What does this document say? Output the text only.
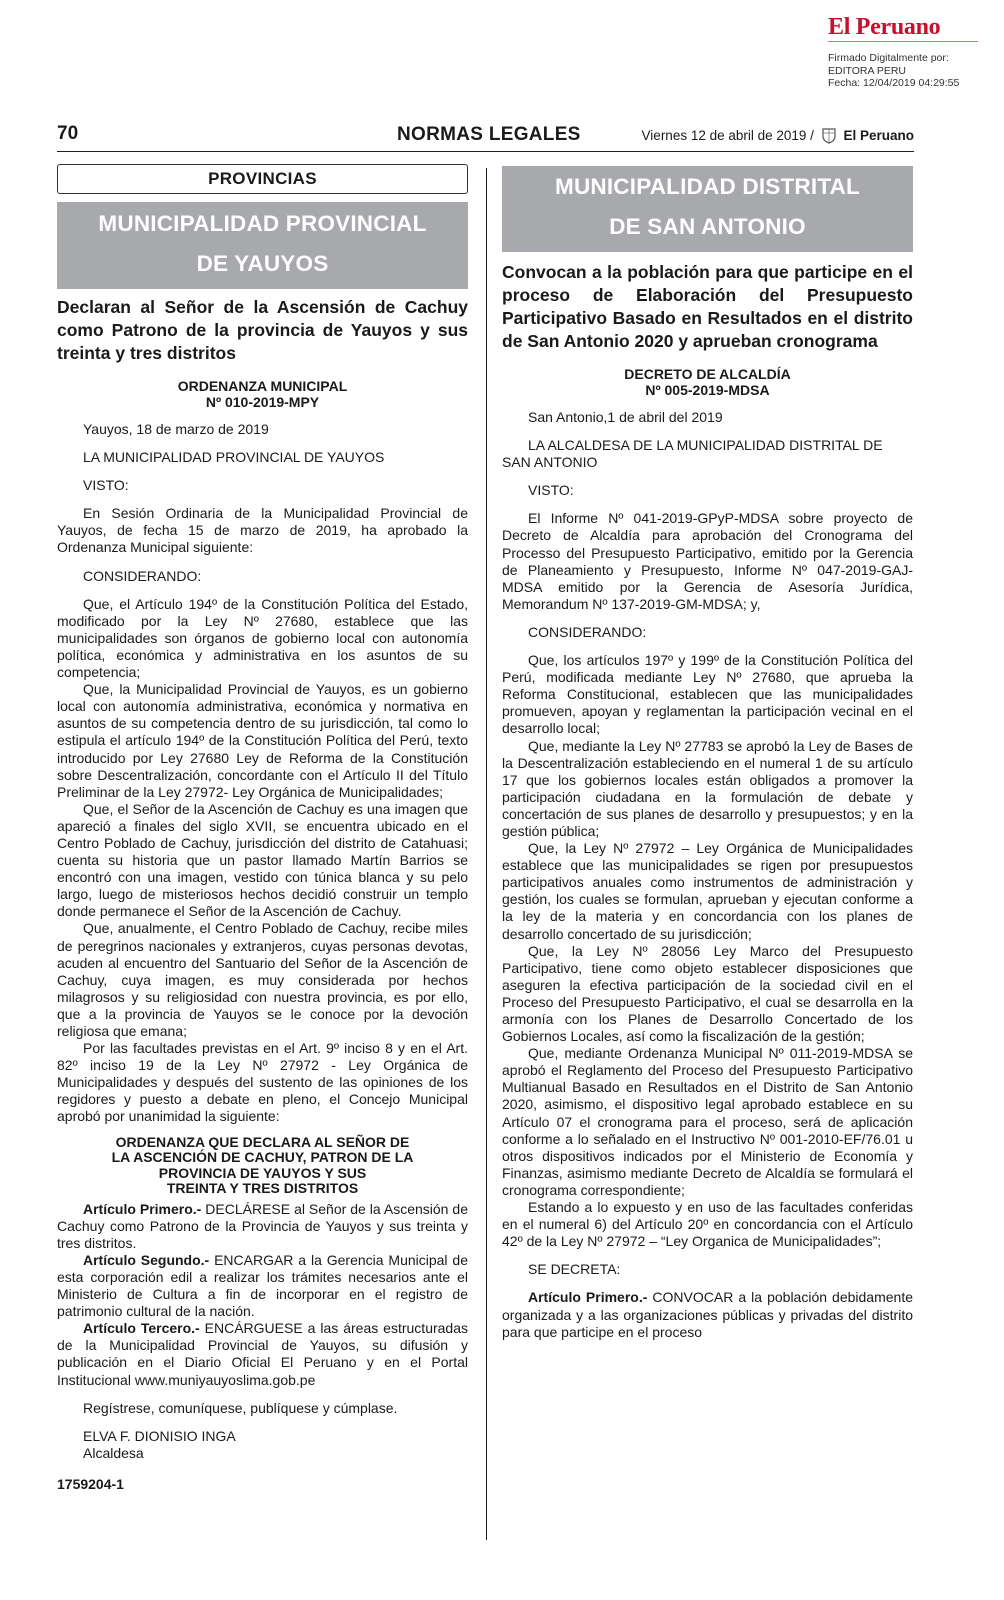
El Peruano
Firmado Digitalmente por:
EDITORA PERU
Fecha: 12/04/2019 04:29:55
70	NORMAS LEGALES	Viernes 12 de abril de 2019 / El Peruano
PROVINCIAS
MUNICIPALIDAD PROVINCIAL
DE YAUYOS
Declaran al Señor de la Ascensión de Cachuy como Patrono de la provincia de Yauyos y sus treinta y tres distritos
ORDENANZA MUNICIPAL
Nº 010-2019-MPY

Yauyos, 18 de marzo de 2019

LA MUNICIPALIDAD PROVINCIAL DE YAUYOS

VISTO:

En Sesión Ordinaria de la Municipalidad Provincial de Yauyos, de fecha 15 de marzo de 2019, ha aprobado la Ordenanza Municipal siguiente:

CONSIDERANDO:

Que, el Artículo 194º de la Constitución Política del Estado, modificado por la Ley Nº 27680, establece que las municipalidades son órganos de gobierno local con autonomía política, económica y administrativa en los asuntos de su competencia;

Que, la Municipalidad Provincial de Yauyos, es un gobierno local con autonomía administrativa, económica y normativa en asuntos de su competencia dentro de su jurisdicción, tal como lo estipula el artículo 194º de la Constitución Política del Perú, texto introducido por Ley 27680 Ley de Reforma de la Constitución sobre Descentralización, concordante con el Artículo II del Título Preliminar de la Ley 27972- Ley Orgánica de Municipalidades;

Que, el Señor de la Ascención de Cachuy es una imagen que apareció a finales del siglo XVII, se encuentra ubicado en el Centro Poblado de Cachuy, jurisdicción del distrito de Catahuasi; cuenta su historia que un pastor llamado Martín Barrios se encontró con una imagen, vestido con túnica blanca y su pelo largo, luego de misteriosos hechos decidió construir un templo donde permanece el Señor de la Ascención de Cachuy.

Que, anualmente, el Centro Poblado de Cachuy, recibe miles de peregrinos nacionales y extranjeros, cuyas personas devotas, acuden al encuentro del Santuario del Señor de la Ascención de Cachuy, cuya imagen, es muy considerada por hechos milagrosos y su religiosidad con nuestra provincia, es por ello, que a la provincia de Yauyos se le conoce por la devoción religiosa que emana;

Por las facultades previstas en el Art. 9º inciso 8 y en el Art. 82º inciso 19 de la Ley Nº 27972 - Ley Orgánica de Municipalidades y después del sustento de las opiniones de los regidores y puesto a debate en pleno, el Concejo Municipal aprobó por unanimidad la siguiente:

ORDENANZA QUE DECLARA AL SEÑOR DE
LA ASCENCIÓN DE CACHUY, PATRON DE LA
PROVINCIA DE YAUYOS Y SUS
TREINTA Y TRES DISTRITOS

Artículo Primero.- DECLÁRESE al Señor de la Ascensión de Cachuy como Patrono de la Provincia de Yauyos y sus treinta y tres distritos.

Artículo Segundo.- ENCARGAR a la Gerencia Municipal de esta corporación edil a realizar los trámites necesarios ante el Ministerio de Cultura a fin de incorporar en el registro de patrimonio cultural de la nación.

Artículo Tercero.- ENCÁRGUESE a las áreas estructuradas de la Municipalidad Provincial de Yauyos, su difusión y publicación en el Diario Oficial El Peruano y en el Portal Institucional www.muniyauyoslima.gob.pe

Regístrese, comuníquese, publíquese y cúmplase.

ELVA F. DIONISIO INGA

Alcaldesa

1759204-1
MUNICIPALIDAD DISTRITAL
DE SAN ANTONIO
Convocan a la población para que participe en el proceso de Elaboración del Presupuesto Participativo Basado en Resultados en el distrito de San Antonio 2020 y aprueban cronograma
DECRETO DE ALCALDÍA
Nº 005-2019-MDSA

San Antonio,1 de abril del 2019

LA ALCALDESA DE LA MUNICIPALIDAD DISTRITAL DE SAN ANTONIO

VISTO:

El Informe Nº 041-2019-GPyP-MDSA sobre proyecto de Decreto de Alcaldía para aprobación del Cronograma del Processo del Presupuesto Participativo, emitido por la Gerencia de Planeamiento y Presupuesto, Informe Nº 047-2019-GAJ-MDSA emitido por la Gerencia de Asesoría Jurídica, Memorandum Nº 137-2019-GM-MDSA; y,

CONSIDERANDO:

Que, los artículos 197º y 199º de la Constitución Política del Perú, modificada mediante Ley Nº 27680, que aprueba la Reforma Constitucional, establecen que las municipalidades promueven, apoyan y reglamentan la participación vecinal en el desarrollo local;

Que, mediante la Ley Nº 27783 se aprobó la Ley de Bases de la Descentralización estableciendo en el numeral 1 de su artículo 17 que los gobiernos locales están obligados a promover la participación ciudadana en la formulación de debate y concertación de sus planes de desarrollo y presupuestos; y en la gestión pública;

Que, la Ley Nº 27972 – Ley Orgánica de Municipalidades establece que las municipalidades se rigen por presupuestos participativos anuales como instrumentos de administración y gestión, los cuales se formulan, aprueban y ejecutan conforme a la ley de la materia y en concordancia con los planes de desarrollo concertado de su jurisdicción;

Que, la Ley Nº 28056 Ley Marco del Presupuesto Participativo, tiene como objeto establecer disposiciones que aseguren la efectiva participación de la sociedad civil en el Proceso del Presupuesto Participativo, el cual se desarrolla en la armonía con los Planes de Desarrollo Concertado de los Gobiernos Locales, así como la fiscalización de la gestión;

Que, mediante Ordenanza Municipal Nº 011-2019-MDSA se aprobó el Reglamento del Proceso del Presupuesto Participativo Multianual Basado en Resultados en el Distrito de San Antonio 2020, asimismo, el dispositivo legal aprobado establece en su Artículo 07 el cronograma para el proceso, será de aplicación conforme a lo señalado en el Instructivo Nº 001-2010-EF/76.01 u otros dispositivos indicados por el Ministerio de Economía y Finanzas, asimismo mediante Decreto de Alcaldía se formulará el cronograma correspondiente;

Estando a lo expuesto y en uso de las facultades conferidas en el numeral 6) del Artículo 20º en concordancia con el Artículo 42º de la Ley Nº 27972 – “Ley Organica de Municipalidades”;

SE DECRETA:

Artículo Primero.- CONVOCAR a la población debidamente organizada y a las organizaciones públicas y privadas del distrito para que participe en el proceso
